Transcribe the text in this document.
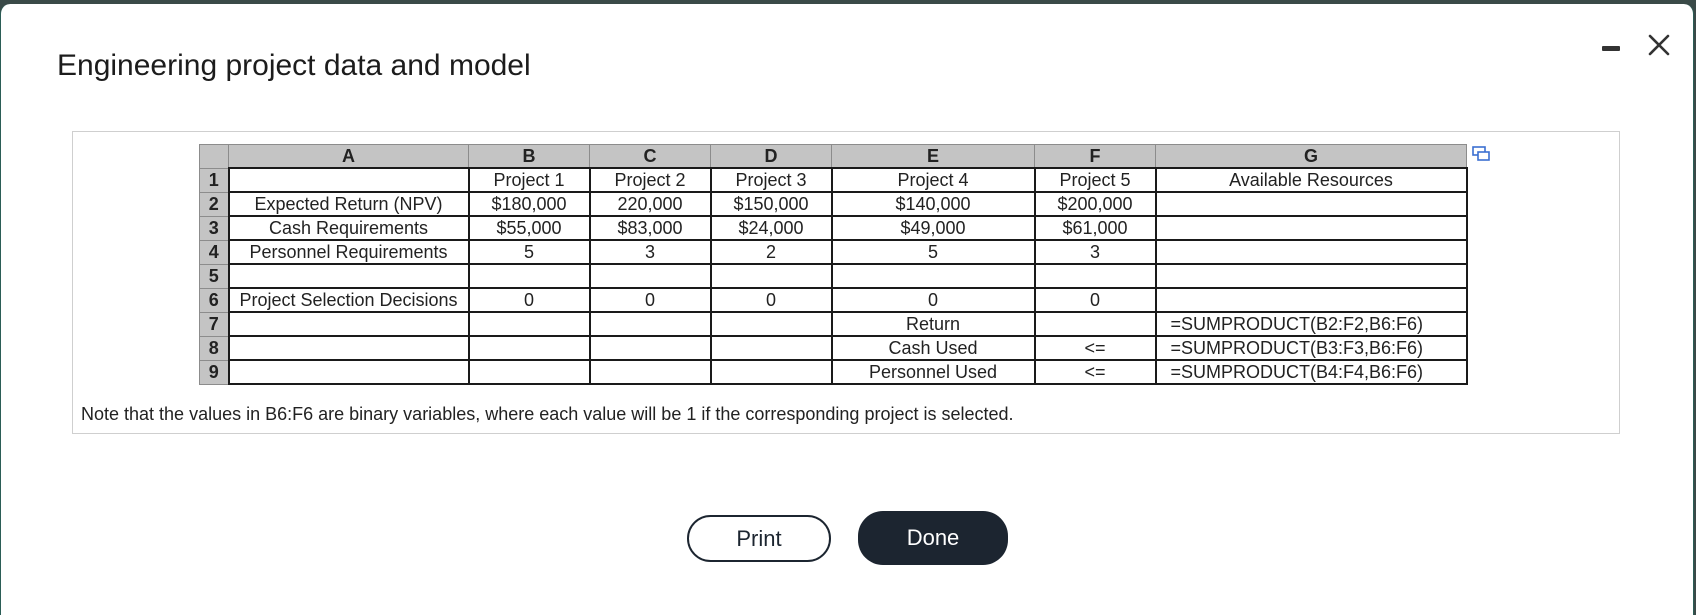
Engineering project data and model
	A	B	C	D	E	F	G
1		Project 1	Project 2	Project 3	Project 4	Project 5	Available Resources
2	Expected Return (NPV)	$180,000	220,000	$150,000	$140,000	$200,000	
3	Cash Requirements	$55,000	$83,000	$24,000	$49,000	$61,000	
4	Personnel Requirements	5	3	2	5	3	
5							
6	Project Selection Decisions	0	0	0	0	0	
7					Return		=SUMPRODUCT(B2:F2,B6:F6)
8					Cash Used	<=	=SUMPRODUCT(B3:F3,B6:F6)
9					Personnel Used	<=	=SUMPRODUCT(B4:F4,B6:F6)
Note that the values in B6:F6 are binary variables, where each value will be 1 if the corresponding project is selected.
Print	Done
